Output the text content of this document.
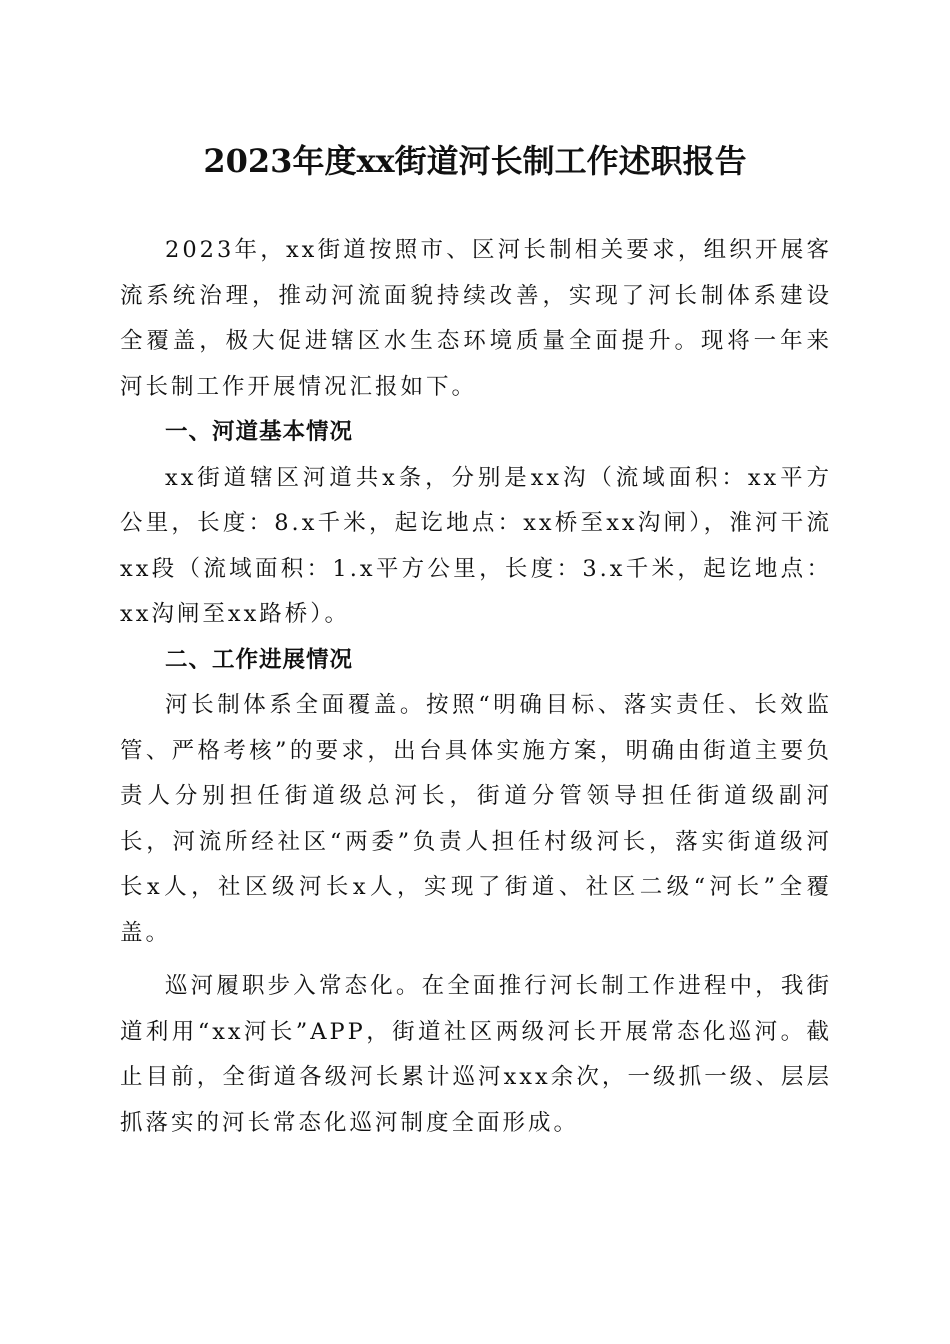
2023年度xx街道河长制工作述职报告

2023年，xx街道按照市、区河长制相关要求，组织开展客流系统治理，推动河流面貌持续改善，实现了河长制体系建设全覆盖，极大促进辖区水生态环境质量全面提升。现将一年来河长制工作开展情况汇报如下。

一、河道基本情况

xx街道辖区河道共x条，分别是xx沟（流域面积：xx平方公里，长度：8.x千米，起讫地点：xx桥至xx沟闸），淮河干流xx段（流域面积：1.x平方公里，长度：3.x千米，起讫地点：xx沟闸至xx路桥）。

二、工作进展情况

河长制体系全面覆盖。按照“明确目标、落实责任、长效监管、严格考核”的要求，出台具体实施方案，明确由街道主要负责人分别担任街道级总河长，街道分管领导担任街道级副河长，河流所经社区“两委”负责人担任村级河长，落实街道级河长x人，社区级河长x人，实现了街道、社区二级“河长”全覆盖。

巡河履职步入常态化。在全面推行河长制工作进程中，我街道利用“xx河长”APP，街道社区两级河长开展常态化巡河。截止目前，全街道各级河长累计巡河xxx余次，一级抓一级、层层抓落实的河长常态化巡河制度全面形成。
